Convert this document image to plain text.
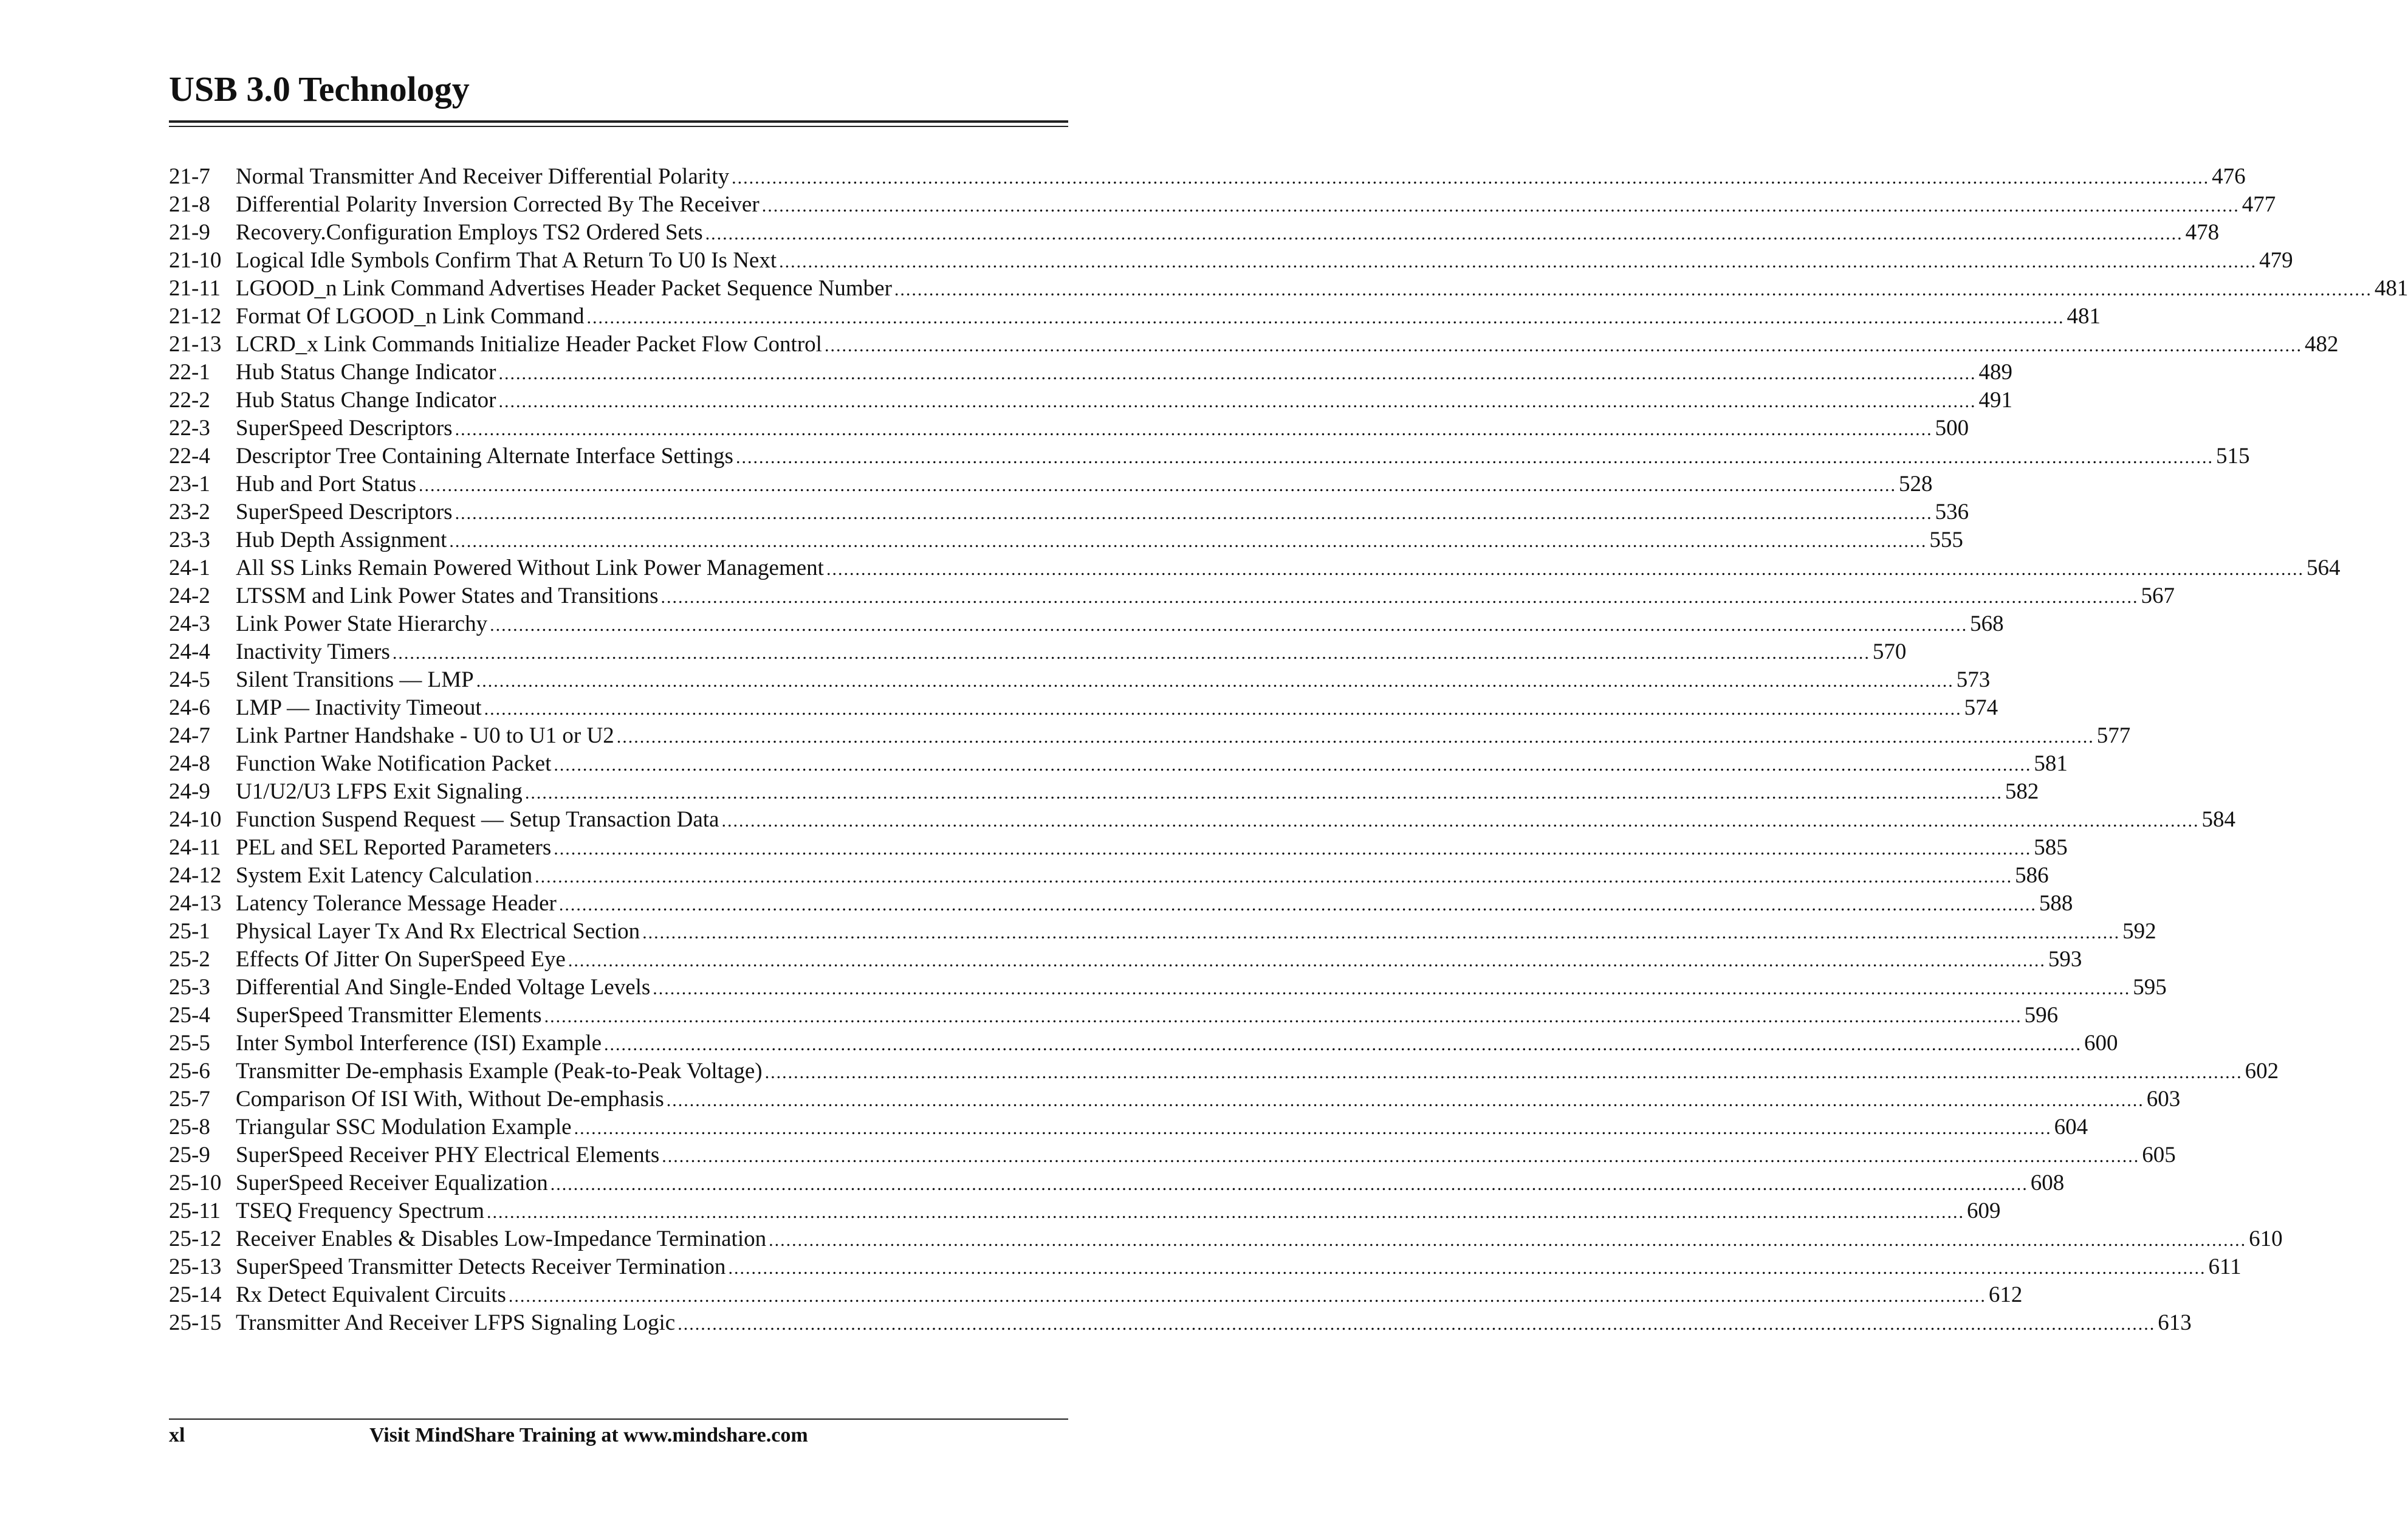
USB 3.0 Technology
21-7	Normal Transmitter And Receiver Differential Polarity .....	476
21-8	Differential Polarity Inversion Corrected By The Receiver .....	477
21-9	Recovery.Configuration Employs TS2 Ordered Sets .....	478
21-10 Logical Idle Symbols Confirm That A Return To U0 Is Next .....	479
21-11 LGOOD_n Link Command Advertises Header Packet Sequence Number .....	481
21-12 Format Of LGOOD_n Link Command .....	481
21-13 LCRD_x Link Commands Initialize Header Packet Flow Control .....	482
22-1	Hub Status Change Indicator .....	489
22-2	Hub Status Change Indicator .....	491
22-3	SuperSpeed Descriptors .....	500
22-4	Descriptor Tree Containing Alternate Interface Settings .....	515
23-1	Hub and Port Status .....	528
23-2	SuperSpeed Descriptors .....	536
23-3	Hub Depth Assignment .....	555
24-1	All SS Links Remain Powered Without Link Power Management .....	564
24-2	LTSSM and Link Power States and Transitions .....	567
24-3	Link Power State Hierarchy .....	568
24-4	Inactivity Timers .....	570
24-5	Silent Transitions — LMP .....	573
24-6	LMP — Inactivity Timeout .....	574
24-7	Link Partner Handshake - U0 to U1 or U2 .....	577
24-8	Function Wake Notification Packet .....	581
24-9	U1/U2/U3 LFPS Exit Signaling .....	582
24-10 Function Suspend Request — Setup Transaction Data .....	584
24-11 PEL and SEL Reported Parameters .....	585
24-12 System Exit Latency Calculation .....	586
24-13 Latency Tolerance Message Header .....	588
25-1	Physical Layer Tx And Rx Electrical Section .....	592
25-2	Effects Of Jitter On SuperSpeed Eye .....	593
25-3	Differential And Single-Ended Voltage Levels .....	595
25-4	SuperSpeed Transmitter Elements .....	596
25-5	Inter Symbol Interference (ISI) Example .....	600
25-6	Transmitter De-emphasis Example (Peak-to-Peak Voltage) .....	602
25-7	Comparison Of ISI With, Without De-emphasis .....	603
25-8	Triangular SSC Modulation Example .....	604
25-9	SuperSpeed Receiver PHY Electrical Elements .....	605
25-10 SuperSpeed Receiver Equalization .....	608
25-11 TSEQ Frequency Spectrum .....	609
25-12 Receiver Enables & Disables Low-Impedance Termination .....	610
25-13 SuperSpeed Transmitter Detects Receiver Termination .....	611
25-14 Rx Detect Equivalent Circuits .....	612
25-15 Transmitter And Receiver LFPS Signaling Logic .....	613
xl	Visit MindShare Training at www.mindshare.com
